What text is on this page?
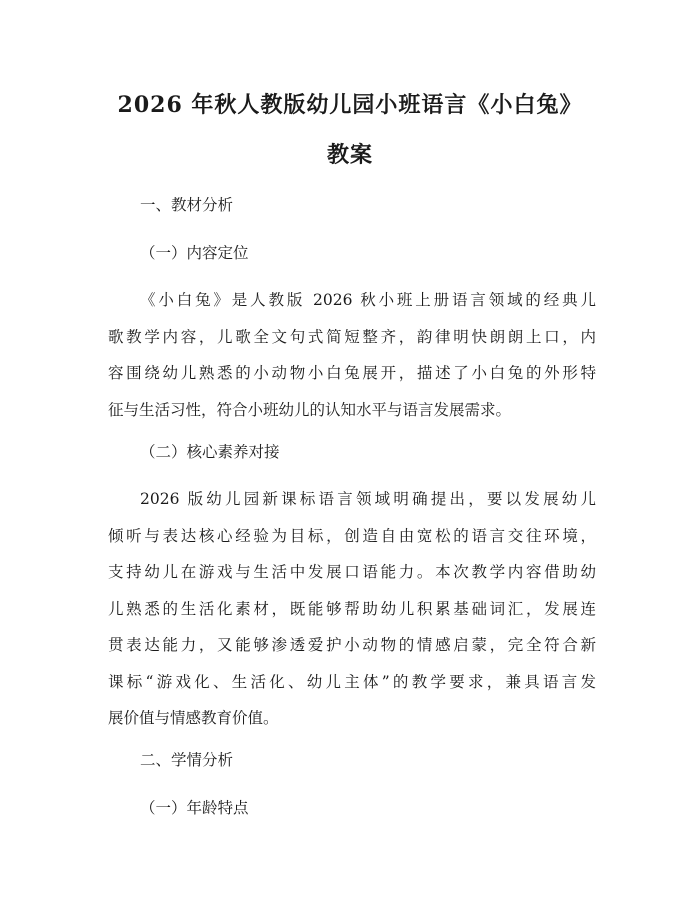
2026 年秋人教版幼儿园小班语言《小白兔》
教案

一、教材分析

（一）内容定位

《小白兔》是人教版 2026 秋小班上册语言领域的经典儿
歌教学内容，儿歌全文句式简短整齐，韵律明快朗朗上口，内
容围绕幼儿熟悉的小动物小白兔展开，描述了小白兔的外形特
征与生活习性，符合小班幼儿的认知水平与语言发展需求。

（二）核心素养对接

2026 版幼儿园新课标语言领域明确提出，要以发展幼儿
倾听与表达核心经验为目标，创造自由宽松的语言交往环境，
支持幼儿在游戏与生活中发展口语能力。本次教学内容借助幼
儿熟悉的生活化素材，既能够帮助幼儿积累基础词汇，发展连
贯表达能力，又能够渗透爱护小动物的情感启蒙，完全符合新
课标“游戏化、生活化、幼儿主体”的教学要求，兼具语言发
展价值与情感教育价值。

二、学情分析

（一）年龄特点
